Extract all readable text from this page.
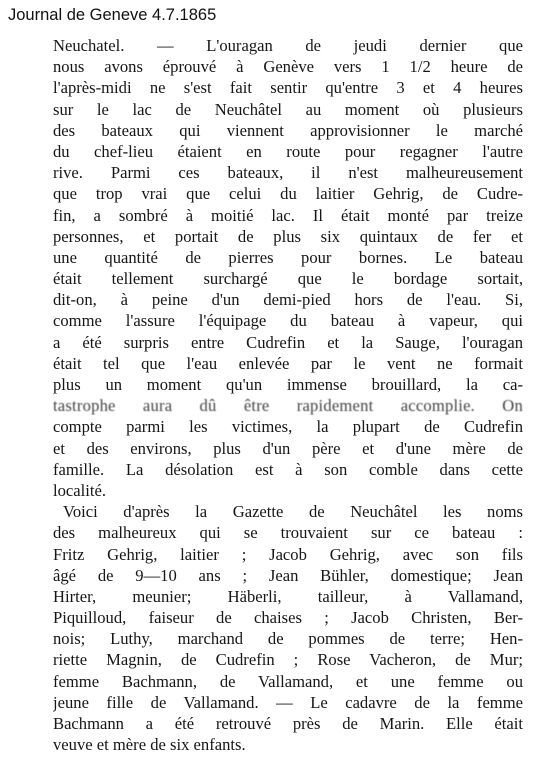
Journal de Geneve 4.7.1865
Neuchatel. — L'ouragan de jeudi dernier que
nous avons éprouvé à Genève vers 1 1/2 heure de
l'après-midi ne s'est fait sentir qu'entre 3 et 4 heures
sur le lac de Neuchâtel au moment où plusieurs
des bateaux qui viennent approvisionner le marché
du chef-lieu étaient en route pour regagner l'autre
rive. Parmi ces bateaux, il n'est malheureusement
que trop vrai que celui du laitier Gehrig, de Cudre-
fin, a sombré à moitié lac. Il était monté par treize
personnes, et portait de plus six quintaux de fer et
une quantité de pierres pour bornes. Le bateau
était tellement surchargé que le bordage sortait,
dit-on, à peine d'un demi-pied hors de l'eau. Si,
comme l'assure l'équipage du bateau à vapeur, qui
a été surpris entre Cudrefin et la Sauge, l'ouragan
était tel que l'eau enlevée par le vent ne formait
plus un moment qu'un immense brouillard, la ca-
tastrophe aura dû être rapidement accomplie. On
compte parmi les victimes, la plupart de Cudrefin
et des environs, plus d'un père et d'une mère de
famille. La désolation est à son comble dans cette
localité.
Voici d'après la Gazette de Neuchâtel les noms
des malheureux qui se trouvaient sur ce bateau :
Fritz Gehrig, laitier ; Jacob Gehrig, avec son fils
âgé de 9—10 ans ; Jean Bühler, domestique; Jean
Hirter, meunier; Häberli, tailleur, à Vallamand,
Piquilloud, faiseur de chaises ; Jacob Christen, Ber-
nois; Luthy, marchand de pommes de terre; Hen-
riette Magnin, de Cudrefin ; Rose Vacheron, de Mur;
femme Bachmann, de Vallamand, et une femme ou
jeune fille de Vallamand. — Le cadavre de la femme
Bachmann a été retrouvé près de Marin. Elle était
veuve et mère de six enfants.
